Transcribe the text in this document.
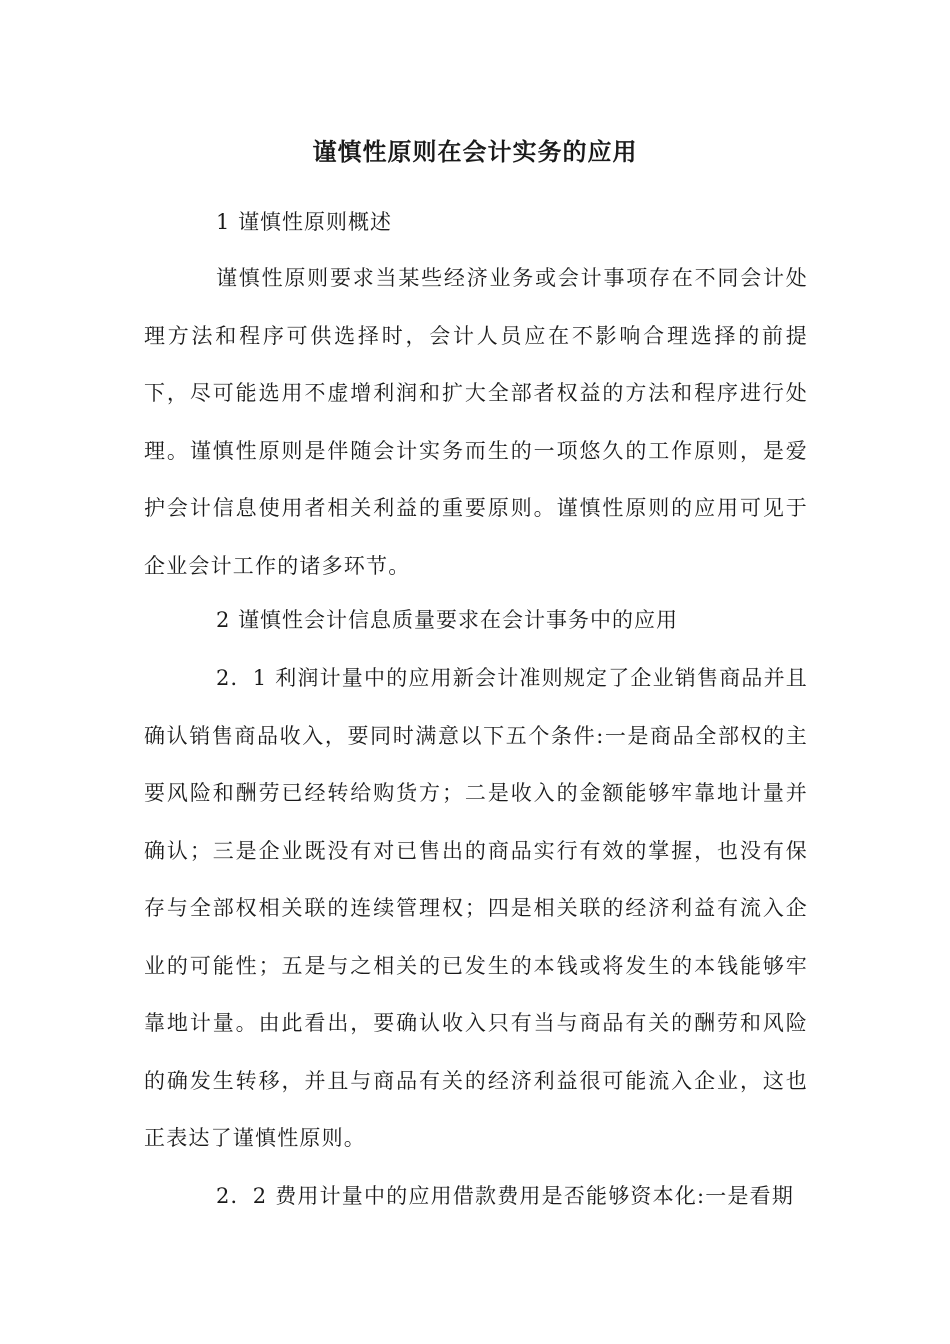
谨慎性原则在会计实务的应用
1 谨慎性原则概述
谨慎性原则要求当某些经济业务或会计事项存在不同会计处理方法和程序可供选择时，会计人员应在不影响合理选择的前提下，尽可能选用不虚增利润和扩大全部者权益的方法和程序进行处理。谨慎性原则是伴随会计实务而生的一项悠久的工作原则，是爱护会计信息使用者相关利益的重要原则。谨慎性原则的应用可见于企业会计工作的诸多环节。
2 谨慎性会计信息质量要求在会计事务中的应用
2．1 利润计量中的应用新会计准则规定了企业销售商品并且确认销售商品收入，要同时满意以下五个条件:一是商品全部权的主要风险和酬劳已经转给购货方；二是收入的金额能够牢靠地计量并确认；三是企业既没有对已售出的商品实行有效的掌握，也没有保存与全部权相关联的连续管理权；四是相关联的经济利益有流入企业的可能性；五是与之相关的已发生的本钱或将发生的本钱能够牢靠地计量。由此看出，要确认收入只有当与商品有关的酬劳和风险的确发生转移，并且与商品有关的经济利益很可能流入企业，这也正表达了谨慎性原则。
2．2 费用计量中的应用借款费用是否能够资本化:一是看期
